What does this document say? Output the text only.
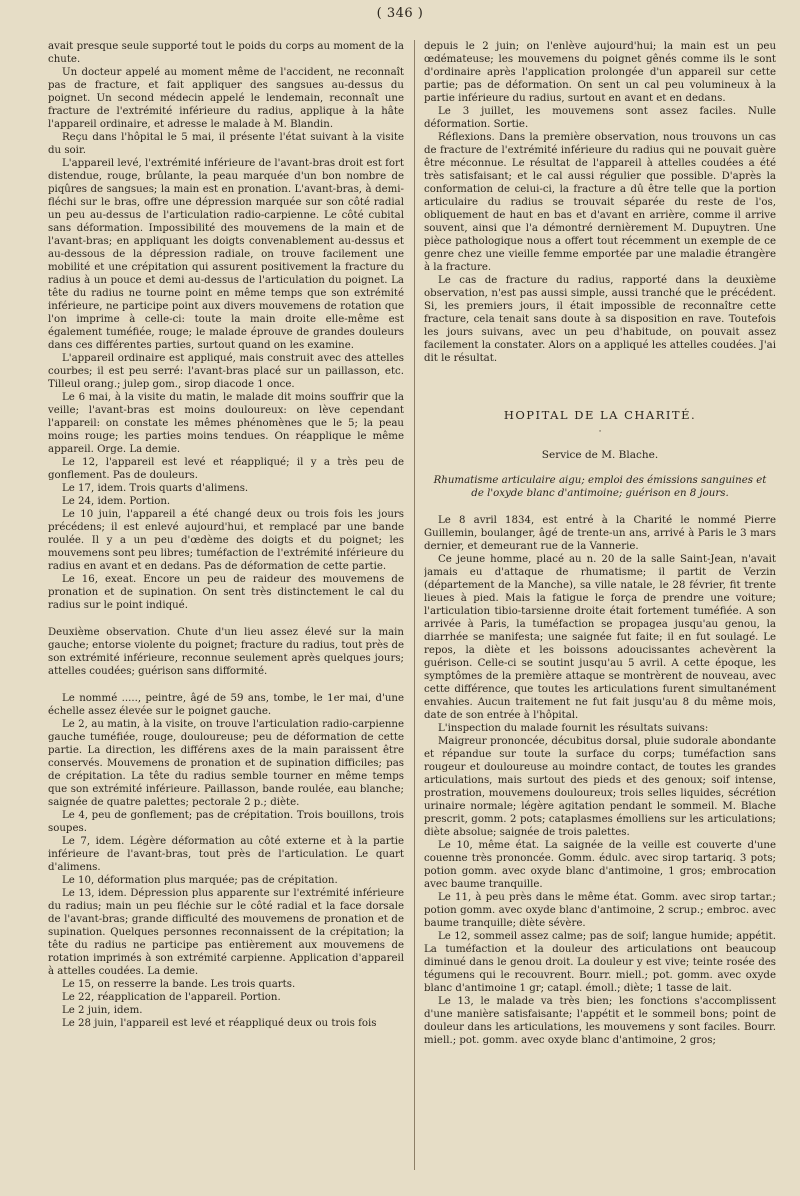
( 346 )

avait presque seule supporté tout le poids du corps au moment de la chute.

Un docteur appelé au moment même de l'accident, ne reconnaît pas de fracture, et fait appliquer des sangsues au-dessus du poignet. Un second médecin appelé le lendemain, reconnaît une fracture de l'extrémité inférieure du radius, applique à la hâte l'appareil ordinaire, et adresse le malade à M. Blandin.

Reçu dans l'hôpital le 5 mai, il présente l'état suivant à la visite du soir.

L'appareil levé, l'extrémité inférieure de l'avant-bras droit est fort distendue, rouge, brûlante, la peau marquée d'un bon nombre de piqûres de sangsues; la main est en pronation. L'avant-bras, à demi-fléchi sur le bras, offre une dépression marquée sur son côté radial un peu au-dessus de l'articulation radio-carpienne. Le côté cubital sans déformation. Impossibilité des mouvemens de la main et de l'avant-bras; en appliquant les doigts convenablement au-dessus et au-dessous de la dépression radiale, on trouve facilement une mobilité et une crépitation qui assurent positivement la fracture du radius à un pouce et demi au-dessus de l'articulation du poignet. La tête du radius ne tourne point en même temps que son extrémité inférieure, ne participe point aux divers mouvemens de rotation que l'on imprime à celle-ci: toute la main droite elle-même est également tuméfiée, rouge; le malade éprouve de grandes douleurs dans ces différentes parties, surtout quand on les examine.

L'appareil ordinaire est appliqué, mais construit avec des attelles courbes; il est peu serré: l'avant-bras placé sur un paillasson, etc. Tilleul orang.; julep gom., sirop diacode 1 once.

Le 6 mai, à la visite du matin, le malade dit moins souffrir que la veille; l'avant-bras est moins douloureux: on lève cependant l'appareil: on constate les mêmes phénomènes que le 5; la peau moins rouge; les parties moins tendues. On réapplique le même appareil. Orge. La demie.

Le 12, l'appareil est levé et réappliqué; il y a très peu de gonflement. Pas de douleurs.

Le 17, idem. Trois quarts d'alimens.

Le 24, idem. Portion.

Le 10 juin, l'appareil a été changé deux ou trois fois les jours précédens; il est enlevé aujourd'hui, et remplacé par une bande roulée. Il y a un peu d'œdème des doigts et du poignet; les mouvemens sont peu libres; tuméfaction de l'extrémité inférieure du radius en avant et en dedans. Pas de déformation de cette partie.

Le 16, exeat. Encore un peu de raideur des mouvemens de pronation et de supination. On sent très distinctement le cal du radius sur le point indiqué.

Deuxième observation. Chute d'un lieu assez élevé sur la main gauche; entorse violente du poignet; fracture du radius, tout près de son extrémité inférieure, reconnue seulement après quelques jours; attelles coudées; guérison sans difformité.

Le nommé ....., peintre, âgé de 59 ans, tombe, le 1er mai, d'une échelle assez élevée sur le poignet gauche.

Le 2, au matin, à la visite, on trouve l'articulation radio-carpienne gauche tuméfiée, rouge, douloureuse; peu de déformation de cette partie. La direction, les différens axes de la main paraissent être conservés. Mouvemens de pronation et de supination difficiles; pas de crépitation. La tête du radius semble tourner en même temps que son extrémité inférieure. Paillasson, bande roulée, eau blanche; saignée de quatre palettes; pectorale 2 p.; diète.

Le 4, peu de gonflement; pas de crépitation. Trois bouillons, trois soupes.

Le 7, idem. Légère déformation au côté externe et à la partie inférieure de l'avant-bras, tout près de l'articulation. Le quart d'alimens.

Le 10, déformation plus marquée; pas de crépitation.

Le 13, idem. Dépression plus apparente sur l'extrémité inférieure du radius; main un peu fléchie sur le côté radial et la face dorsale de l'avant-bras; grande difficulté des mouvemens de pronation et de supination. Quelques personnes reconnaissent de la crépitation; la tête du radius ne participe pas entièrement aux mouvemens de rotation imprimés à son extrémité carpienne. Application d'appareil à attelles coudées. La demie.

Le 15, on resserre la bande. Les trois quarts.

Le 22, réapplication de l'appareil. Portion.

Le 2 juin, idem.

Le 28 juin, l'appareil est levé et réappliqué deux ou trois fois

depuis le 2 juin; on l'enlève aujourd'hui; la main est un peu œdémateuse; les mouvemens du poignet gênés comme ils le sont d'ordinaire après l'application prolongée d'un appareil sur cette partie; pas de déformation. On sent un cal peu volumineux à la partie inférieure du radius, surtout en avant et en dedans.

Le 3 juillet, les mouvemens sont assez faciles. Nulle déformation. Sortie.

Réflexions. Dans la première observation, nous trouvons un cas de fracture de l'extrémité inférieure du radius qui ne pouvait guère être méconnue. Le résultat de l'appareil à attelles coudées a été très satisfaisant; et le cal aussi régulier que possible. D'après la conformation de celui-ci, la fracture a dû être telle que la portion articulaire du radius se trouvait séparée du reste de l'os, obliquement de haut en bas et d'avant en arrière, comme il arrive souvent, ainsi que l'a démontré dernièrement M. Dupuytren. Une pièce pathologique nous a offert tout récemment un exemple de ce genre chez une vieille femme emportée par une maladie étrangère à la fracture.

Le cas de fracture du radius, rapporté dans la deuxième observation, n'est pas aussi simple, aussi tranché que le précédent. Si, les premiers jours, il était impossible de reconnaître cette fracture, cela tenait sans doute à sa disposition en rave. Toutefois les jours suivans, avec un peu d'habitude, on pouvait assez facilement la constater. Alors on a appliqué les attelles coudées. J'ai dit le résultat.

HOPITAL DE LA CHARITÉ.
·
Service de M. Blache.

Rhumatisme articulaire aigu; emploi des émissions sanguines et de l'oxyde blanc d'antimoine; guérison en 8 jours.

Le 8 avril 1834, est entré à la Charité le nommé Pierre Guillemin, boulanger, âgé de trente-un ans, arrivé à Paris le 3 mars dernier, et demeurant rue de la Vannerie.

Ce jeune homme, placé au n. 20 de la salle Saint-Jean, n'avait jamais eu d'attaque de rhumatisme; il partit de Verzin (département de la Manche), sa ville natale, le 28 février, fit trente lieues à pied. Mais la fatigue le força de prendre une voiture; l'articulation tibio-tarsienne droite était fortement tuméfiée. A son arrivée à Paris, la tuméfaction se propagea jusqu'au genou, la diarrhée se manifesta; une saignée fut faite; il en fut soulagé. Le repos, la diète et les boissons adoucissantes achevèrent la guérison. Celle-ci se soutint jusqu'au 5 avril. A cette époque, les symptômes de la première attaque se montrèrent de nouveau, avec cette différence, que toutes les articulations furent simultanément envahies. Aucun traitement ne fut fait jusqu'au 8 du même mois, date de son entrée à l'hôpital.

L'inspection du malade fournit les résultats suivans:

Maigreur prononcée, décubitus dorsal, pluie sudorale abondante et répandue sur toute la surface du corps; tuméfaction sans rougeur et douloureuse au moindre contact, de toutes les grandes articulations, mais surtout des pieds et des genoux; soif intense, prostration, mouvemens douloureux; trois selles liquides, sécrétion urinaire normale; légère agitation pendant le sommeil. M. Blache prescrit, gomm. 2 pots; cataplasmes émolliens sur les articulations; diète absolue; saignée de trois palettes.

Le 10, même état. La saignée de la veille est couverte d'une couenne très prononcée. Gomm. édulc. avec sirop tartariq. 3 pots; potion gomm. avec oxyde blanc d'antimoine, 1 gros; embrocation avec baume tranquille.

Le 11, à peu près dans le même état. Gomm. avec sirop tartar.; potion gomm. avec oxyde blanc d'antimoine, 2 scrup.; embroc. avec baume tranquille; diète sévère.

Le 12, sommeil assez calme; pas de soif; langue humide; appétit. La tuméfaction et la douleur des articulations ont beaucoup diminué dans le genou droit. La douleur y est vive; teinte rosée des tégumens qui le recouvrent. Bourr. miell.; pot. gomm. avec oxyde blanc d'antimoine 1 gr; catapl. émoll.; diète; 1 tasse de lait.

Le 13, le malade va très bien; les fonctions s'accomplissent d'une manière satisfaisante; l'appétit et le sommeil bons; point de douleur dans les articulations, les mouvemens y sont faciles. Bourr. miell.; pot. gomm. avec oxyde blanc d'antimoine, 2 gros;
